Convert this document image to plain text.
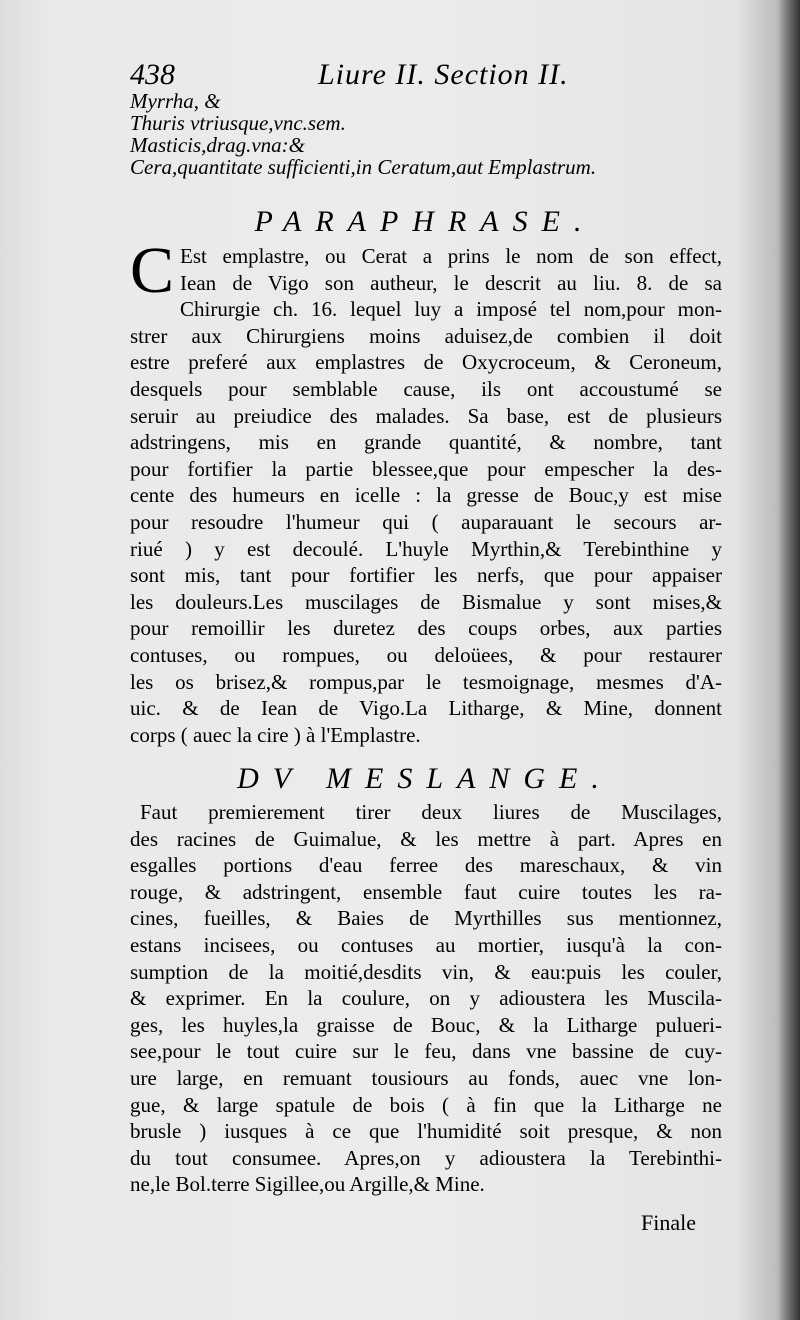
438	Liure II. Section II.
Myrrha, &
Thuris vtriusque,vnc.sem.
Masticis,drag.vna:&
Cera,quantitate sufficienti,in Ceratum,aut Emplastrum.
PARAPHRASE.
C Est emplastre, ou Cerat a prins le nom de son effect,
Iean de Vigo son autheur, le descrit au liu. 8. de sa
Chirurgie ch. 16. lequel luy a imposé tel nom,pour mon-
strer aux Chirurgiens moins aduisez,de combien il doit
estre preferé aux emplastres de Oxycroceum, & Ceroneum,
desquels pour semblable cause, ils ont accoustumé se
seruir au preiudice des malades. Sa base, est de plusieurs
adstringens, mis en grande quantité, & nombre, tant
pour fortifier la partie blessee,que pour empescher la des-
cente des humeurs en icelle : la gresse de Bouc,y est mise
pour resoudre l'humeur qui ( auparauant le secours ar-
riué ) y est decoulé. L'huyle Myrthin,& Terebinthine y
sont mis, tant pour fortifier les nerfs, que pour appaiser
les douleurs.Les muscilages de Bismalue y sont mises,&
pour remoillir les duretez des coups orbes, aux parties
contuses, ou rompues, ou deloüees, & pour restaurer
les os brisez,& rompus,par le tesmoignage, mesmes d'A-
uic. & de Iean de Vigo.La Litharge, & Mine, donnent
corps ( auec la cire ) à l'Emplastre.
DV MESLANGE.
Faut premierement tirer deux liures de Muscilages,
des racines de Guimalue, & les mettre à part. Apres en
esgalles portions d'eau ferree des mareschaux, & vin
rouge, & adstringent, ensemble faut cuire toutes les ra-
cines, fueilles, & Baies de Myrthilles sus mentionnez,
estans incisees, ou contuses au mortier, iusqu'à la con-
sumption de la moitié,desdits vin, & eau:puis les couler,
& exprimer. En la coulure, on y adioustera les Muscila-
ges, les huyles,la graisse de Bouc, & la Litharge pulueri-
see,pour le tout cuire sur le feu, dans vne bassine de cuy-
ure large, en remuant tousiours au fonds, auec vne lon-
gue, & large spatule de bois ( à fin que la Litharge ne
brusle ) iusques à ce que l'humidité soit presque, & non
du tout consumee. Apres,on y adioustera la Terebinthi-
ne,le Bol.terre Sigillee,ou Argille,& Mine.
Finale
